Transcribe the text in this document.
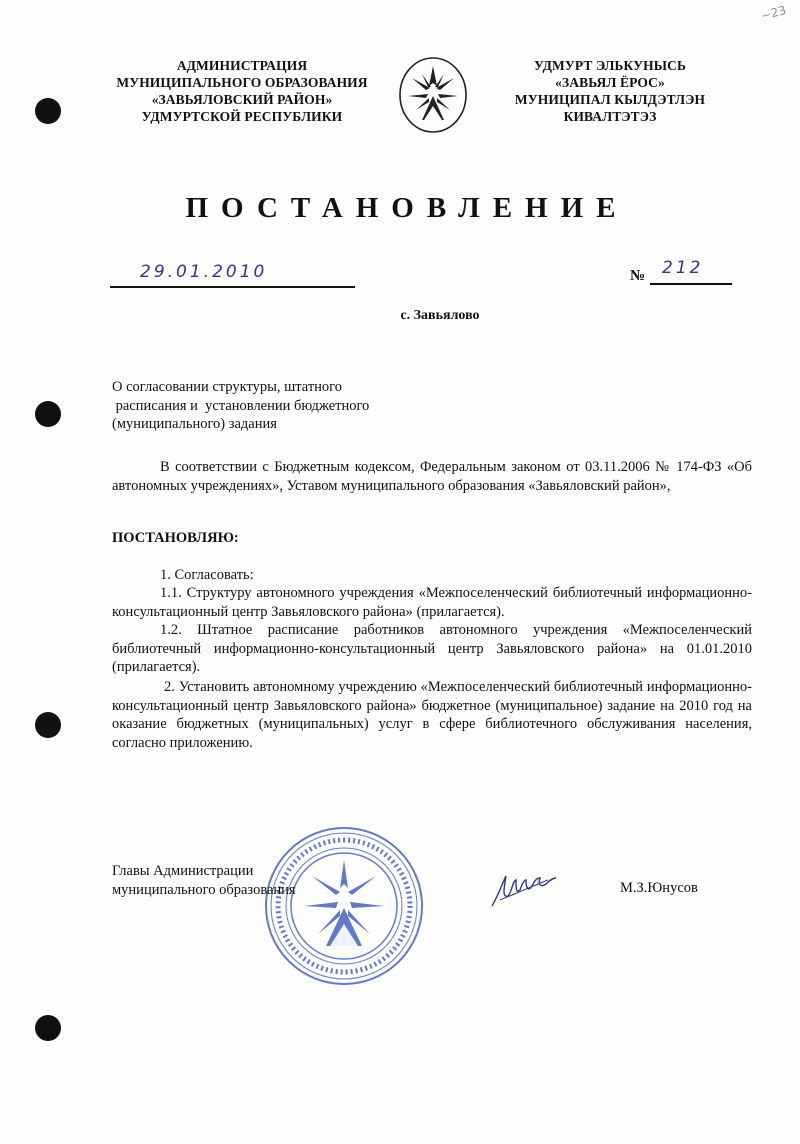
~23
АДМИНИСТРАЦИЯ
МУНИЦИПАЛЬНОГО ОБРАЗОВАНИЯ
«ЗАВЬЯЛОВСКИЙ РАЙОН»
УДМУРТСКОЙ РЕСПУБЛИКИ
УДМУРТ ЭЛЬКУНЫСЬ
«ЗАВЬЯЛ ЁРОС»
МУНИЦИПАЛ КЫЛДЭТЛЭН
КИВАЛТЭТЭЗ
ПОСТАНОВЛЕНИЕ
29.01.2010	№ 212
с. Завьялово
О согласовании структуры, штатного
расписания и  установлении бюджетного
(муниципального) задания
В соответствии с Бюджетным кодексом, Федеральным законом от 03.11.2006 № 174-ФЗ «Об автономных учреждениях», Уставом муниципального образования «Завьяловский район»,
ПОСТАНОВЛЯЮ:
1. Согласовать:
1.1. Структуру автономного учреждения «Межпоселенческий библиотечный информационно-консультационный центр Завьяловского района» (прилагается).
1.2. Штатное расписание работников автономного учреждения «Межпоселенческий библиотечный информационно-консультационный центр Завьяловского района» на 01.01.2010 (прилагается).
2. Установить автономному учреждению «Межпоселенческий библиотечный информационно-консультационный центр Завьяловского района» бюджетное (муниципальное) задание на 2010 год на оказание бюджетных (муниципальных) услуг в сфере библиотечного обслуживания населения, согласно приложению.
Главы Администрации
муниципального образования	М.З.Юнусов
